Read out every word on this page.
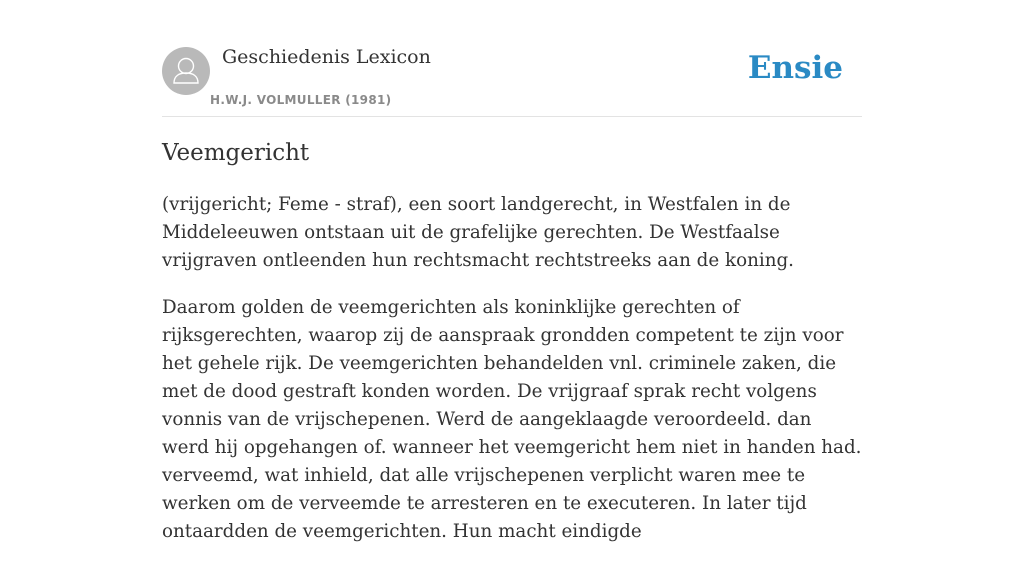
Geschiedenis Lexicon
H.W.J. VOLMULLER (1981)
Ensie
Veemgericht

(vrijgericht; Feme - straf), een soort landgerecht, in Westfalen in de Middeleeuwen ontstaan uit de grafelijke gerechten. De Westfaalse vrijgraven ontleenden hun rechtsmacht rechtstreeks aan de koning.

Daarom golden de veemgerichten als koninklijke gerechten of rijksgerechten, waarop zij de aanspraak grondden competent te zijn voor het gehele rijk. De veemgerichten behandelden vnl. criminele zaken, die met de dood gestraft konden worden. De vrijgraaf sprak recht volgens vonnis van de vrijschepenen. Werd de aangeklaagde veroordeeld. dan werd hij opgehangen of. wanneer het veemgericht hem niet in handen had. verveemd, wat inhield, dat alle vrijschepenen verplicht waren mee te werken om de verveemde te arresteren en te executeren. In later tijd ontaardden de veemgerichten. Hun macht eindigde
